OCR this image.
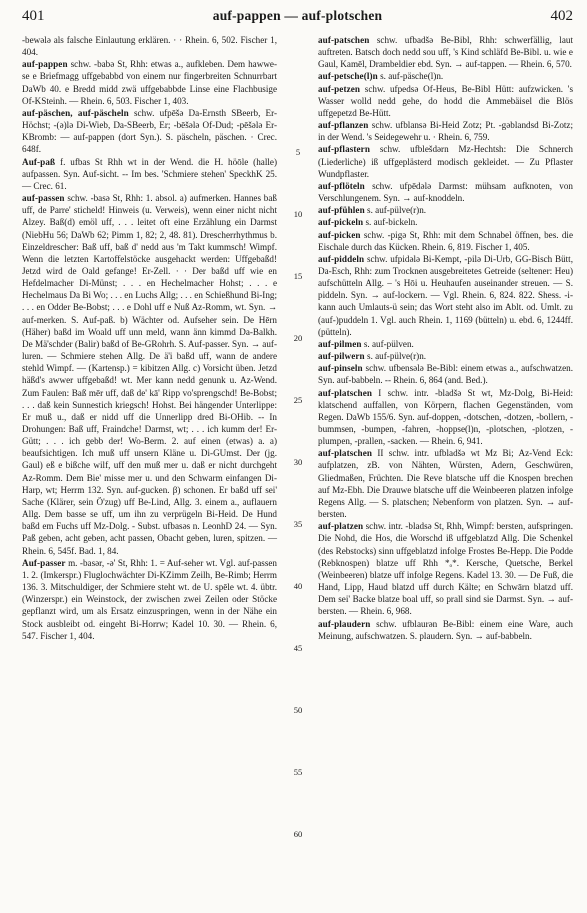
401	auf-pappen — auf-plotschen	402

-bewələ als falsche Einlautung erklären. · · Rhein. 6, 502. Fischer 1, 404.

auf-pappen schw. -babə St, Rhh: etwas a., aufkleben. Dem hawwe-se e Briefmagg uffgebabbd von einem nur fingerbreiten Schnurrbart DaWb 40. e Bredd midd zwä uffgebabbde Linse eine Flachbusige Of-KSteinh. — Rhein. 6, 503. Fischer 1, 403.

auf-päschen, auf-päscheln schw. ufpēšə Da-Ernsth SBeerb, Er-Höchst; -(ə)lə Di-Wieb, Da-SBeerb, Er; -bēšələ Of-Dud; -pēšələ Er-KBromb: — auf-pappen (dort Syn.). S. päscheln, päschen. · Crec. 648f.

Auf-paß f. ufbas St Rhh wt in der Wend. die H. höōle (halle) aufpassen. Syn. Auf-sicht. -- Im bes. 'Schmiere stehen' SpeckhK 25. — Crec. 61.

auf-passen schw. -basə St, Rhh: 1. absol. a) aufmerken. Hannes baß uff, de Parre' sticheld! Hinweis (u. Verweis), wenn einer nicht nicht Alzey. Baß(d) emöl uff, . . . leitet oft eine Erzählung ein Darmst (NiebHu 56; DaWb 62; Pimm 1, 82; 2, 48. 81). Drescherrhythmus b. Einzeldrescher: Baß uff, baß d' nedd aus 'm Takt kummsch! Wimpf. Wenn die letzten Kartoffelstöcke ausgehackt werden: Uffgebaßd! Jetzd wird de Oald gefange! Er-Zell. · · Der baßd uff wie en Hefdelmacher Di-Münst; . . . en Hechelmacher Hohst; . . . e Hechelmaus Da Bi Wo; . . . en Luchs Allg; . . . en Schießhund Bi-Ing; . . . en Odder Be-Bobst; . . . e Dohl uff e Nuß Az-Romm, wt. Syn. → auf-merken. S. Auf-paß. b) Wächter od. Aufseher sein. De Hērn (Häher) baßd im Woald uff unn meld, wann änn kimmd Da-Balkh. De Mä'schder (Balir) baßd of Be-GRohrh. S. Auf-passer. Syn. → auf-luren. — Schmiere stehen Allg. De ä'i baßd uff, wann de andere stehld Wimpf. — (Kartensp.) = kibitzen Allg. c) Vorsicht üben. Jetzd häßd's awwer uffgebaßd! wt. Mer kann nedd genunk u. Az-Wend. Zum Faulen: Baß mēr uff, daß de' kā' Ripp vo'sprengschd! Be-Bobst; . . . daß kein Sunnestich kriegsch! Hohst. Bei hängender Unterlippe: Er muß u., daß er nidd uff die Unnerlipp dred Bi-OHib. -- In Drohungen: Baß uff, Fraindche! Darmst, wt; . . . ich kumm der! Er-Gütt; . . . ich gebb der! Wo-Berm. 2. auf einen (etwas) a. a) beaufsichtigen. Ich muß uff unsern Kläne u. Di-GUmst. Der (jg. Gaul) eß e bißche wilf, uff den muß mer u. daß er nicht durchgeht Az-Romm. Dem Bie' misse mer u. und den Schwarm einfangen Di-Harp, wt; Herrm 132. Syn. auf-gucken. β) schonen. Er baßd uff sei' Sache (Klärer, sein Ö'zug) uff Be-Lind, Allg. 3. einem a., auflauern Allg. Dem basse se uff, um ihn zu verprügeln Bi-Heid. De Hund baßd em Fuchs uff Mz-Dolg. - Subst. ufbasəs n. LeonhD 24. — Syn. Paß geben, acht geben, acht passen, Obacht geben, luren, spitzen. — Rhein. 6, 545f. Bad. 1, 84.

Auf-passer m. -basər, -ə' St, Rhh: 1. = Auf-seher wt. Vgl. auf-passen 1. 2. (Imkerspr.) Fluglochwächter Di-KZimm Zeilh, Be-Rimb; Herrm 136. 3. Mitschuldiger, der Schmiere steht wt. de U. spēle wt. 4. übtr. (Winzerspr.) ein Weinstock, der zwischen zwei Zeilen oder Stöcke gepflanzt wird, um als Ersatz einzuspringen, wenn in der Nähe ein Stock ausbleibt od. eingeht Bi-Horrw; Kadel 10. 30. — Rhein. 6, 547. Fischer 1, 404.

5
10
15
20
25
30
35
40
45
50
55
60

auf-patschen schw. ufbadšə Be-Bibl, Rhh: schwerfällig, laut auftreten. Batsch doch nedd sou uff, 's Kind schläfd Be-Bibl. u. wie e Gaul, Kamēl, Drambeldier ebd. Syn. → auf-tappen. — Rhein. 6, 570.

auf-petsche(l)n s. auf-päsche(l)n.

auf-petzen schw. ufpedsə Of-Heus, Be-Bibl Hütt: aufzwicken. 's Wasser wolld nedd gehe, do hodd die Ammebäisel die Blös uffgepetzd Be-Hütt.

auf-pflanzen schw. ufblansə Bi-Heid Zotz; Pt. -gəblandsd Bi-Zotz; in der Wend. 's Seidegewehr u. · Rhein. 6, 759.

auf-pflastern schw. ufblešdərn Mz-Hechtsh: Die Schnerch (Liederliche) iß uffgeplästerd modisch gekleidet. — Zu Pflaster Wundpflaster.

auf-pflöteln schw. ufpēdələ Darmst: mühsam aufknoten, von Verschlungenem. Syn. → auf-knoddeln.

auf-pfühlen s. auf-pülve(r)n.

auf-pickeln s. auf-bickeln.

auf-picken schw. -pigə St, Rhh: mit dem Schnabel öffnen, bes. die Eischale durch das Kücken. Rhein. 6, 819. Fischer 1, 405.

auf-piddeln schw. ufpidələ Bi-Kempt, -pilə Di-Urb, GG-Bisch Bütt, Da-Esch, Rhh: zum Trocknen ausgebreitetes Getreide (seltener: Heu) aufschütteln Allg. – 's Hōi u. Heuhaufen auseinander streuen. — S. piddeln. Syn. → auf-lockern. — Vgl. Rhein. 6, 824. 822. Shess. -i- kann auch Umlauts-ü sein; das Wort steht also im Ablt. od. Umlt. zu (auf-)puddeln 1. Vgl. auch Rhein. 1, 1169 (bütteln) u. ebd. 6, 1244ff. (pütteln).

auf-pilmen s. auf-pülven.

auf-pilwern s. auf-pülve(r)n.

auf-pinseln schw. ufbensələ Be-Bibl: einem etwas a., aufschwatzen. Syn. auf-babbeln. -- Rhein. 6, 864 (and. Bed.).

auf-platschen I schw. intr. -bladšə St wt, Mz-Dolg, Bi-Heid: klatschend auffallen, von Körpern, flachen Gegenständen, vom Regen. DaWb 155/6. Syn. auf-doppen, -dotschen, -dotzen, -bollern, -bummsen, -bumpen, -fahren, -hoppse(l)n, -plotschen, -plotzen, -plumpen, -prallen, -sacken. — Rhein. 6, 941.

auf-platschen II schw. intr. ufbladšə wt Mz Bi; Az-Vend Eck: aufplatzen, zB. von Nähten, Würsten, Adern, Geschwüren, Gliedmaßen, Früchten. Die Reve blatsche uff die Knospen brechen auf Mz-Ebh. Die Drauwe blatsche uff die Weinbeeren platzen infolge Regens Allg. — S. platschen; Nebenform von platzen. Syn. → auf-bersten.

auf-platzen schw. intr. -bladsə St, Rhh, Wimpf: bersten, aufspringen. Die Nohd, die Hos, die Worschd iß uffgeblatzd Allg. Die Schenkel (des Rebstocks) sinn uffgeblatzd infolge Frostes Be-Hepp. Die Podde (Rebknospen) blatze uff Rhh *ₒ*. Kersche, Quetsche, Berkel (Weinbeeren) blatze uff infolge Regens. Kadel 13. 30. — De Fuß, die Hand, Lipp, Haud blatzd uff durch Kälte; en Schwārn blatzd uff. Dem sei' Backe blatze boal uff, so prall sind sie Darmst. Syn. → auf-bersten. — Rhein. 6, 968.

auf-plaudern schw. ufblaurən Be-Bibl: einem eine Ware, auch Meinung, aufschwatzen. S. plaudern. Syn. → auf-babbeln.
